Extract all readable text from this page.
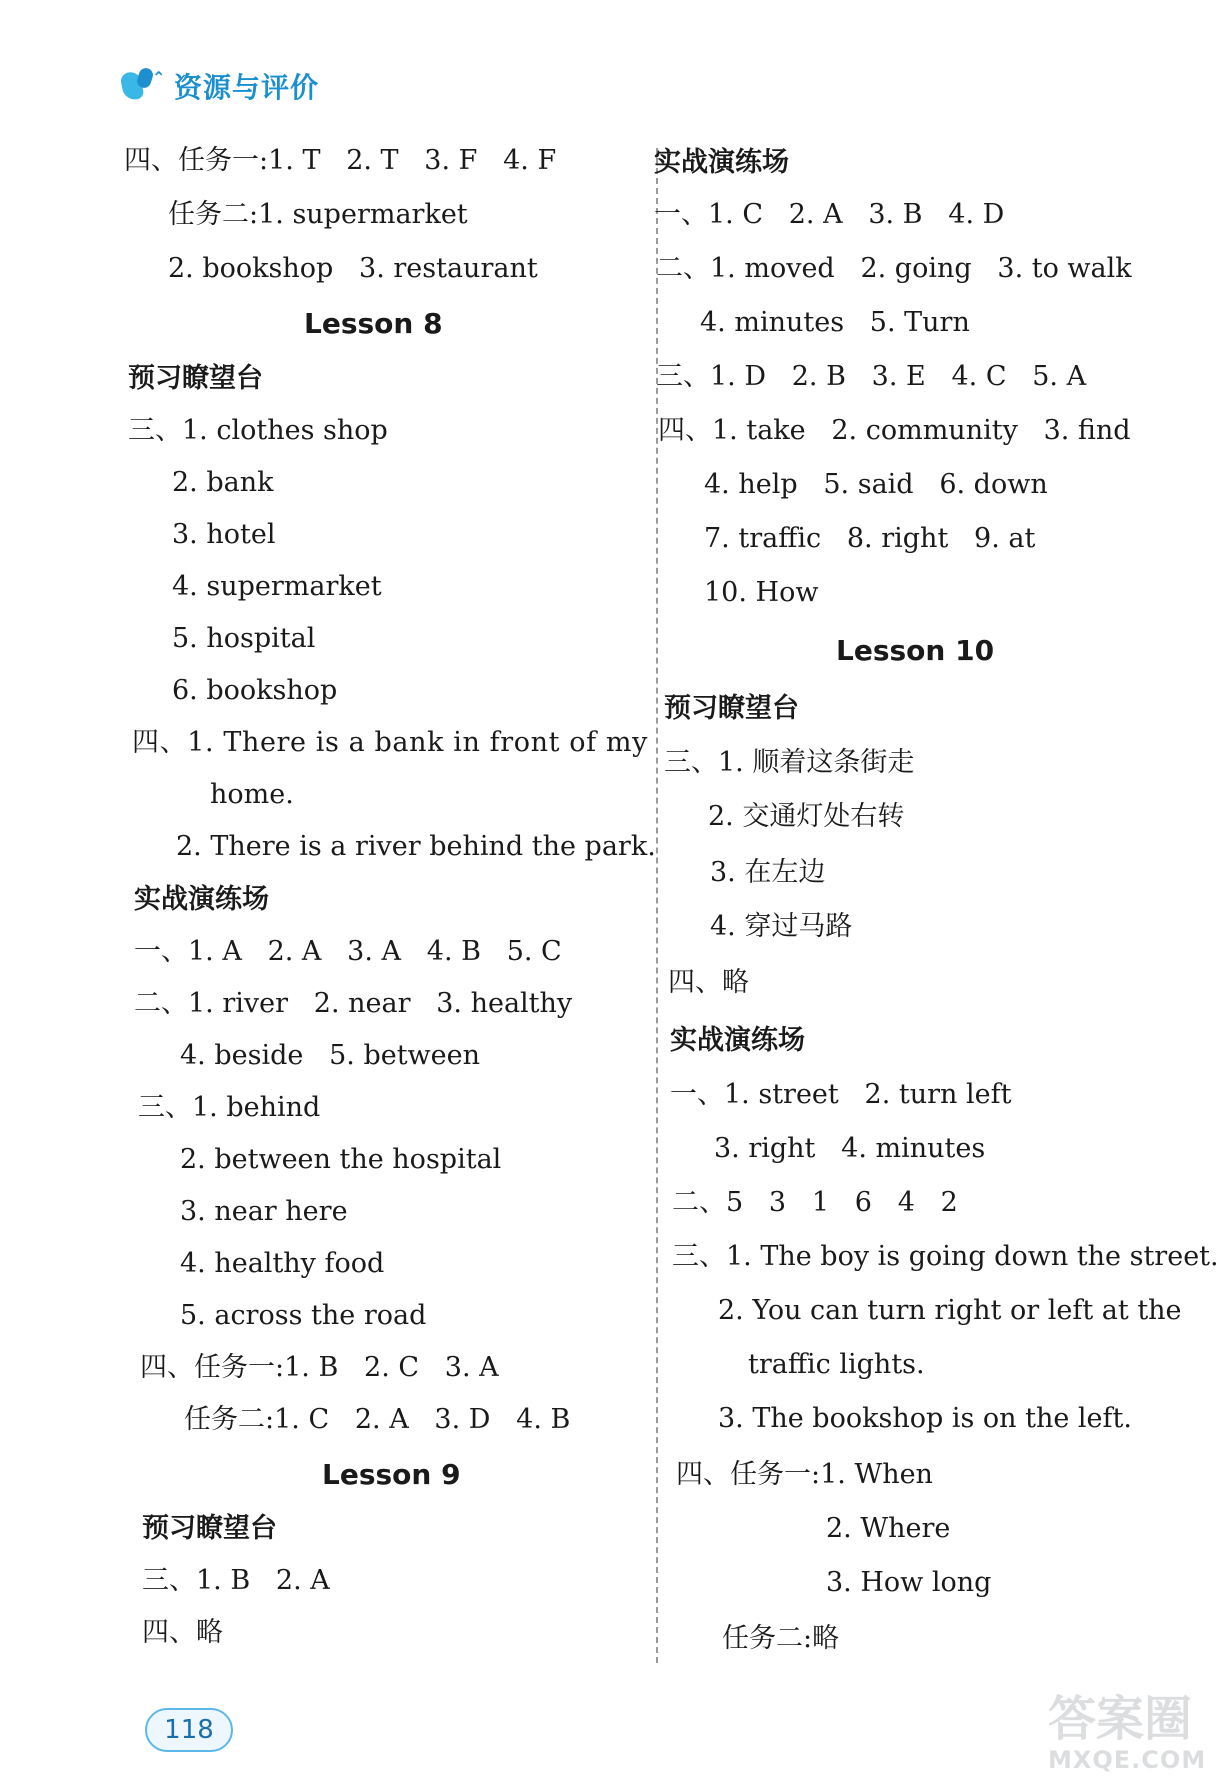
⌃ 资源与评价
四、任务一:1. T   2. T   3. F   4. F
任务二:1. supermarket
2. bookshop   3. restaurant
Lesson 8
预习瞭望台
三、1. clothes shop
2. bank
3. hotel
4. supermarket
5. hospital
6. bookshop
四、1. There is a bank in front of my
home.
2. There is a river behind the park.
实战演练场
一、1. A   2. A   3. A   4. B   5. C
二、1. river   2. near   3. healthy
4. beside   5. between
三、1. behind
2. between the hospital
3. near here
4. healthy food
5. across the road
四、任务一:1. B   2. C   3. A
任务二:1. C   2. A   3. D   4. B
Lesson 9
预习瞭望台
三、1. B   2. A
四、略
实战演练场
一、1. C   2. A   3. B   4. D
二、1. moved   2. going   3. to walk
4. minutes   5. Turn
三、1. D   2. B   3. E   4. C   5. A
四、1. take   2. community   3. find
4. help   5. said   6. down
7. traffic   8. right   9. at
10. How
Lesson 10
预习瞭望台
三、1. 顺着这条街走
2. 交通灯处右转
3. 在左边
4. 穿过马路
四、略
实战演练场
一、1. street   2. turn left
3. right   4. minutes
二、5   3   1   6   4   2
三、1. The boy is going down the street.
2. You can turn right or left at the
traffic lights.
3. The bookshop is on the left.
四、任务一:1. When
2. Where
3. How long
任务二:略
118	答案圈
MXQE.COM
